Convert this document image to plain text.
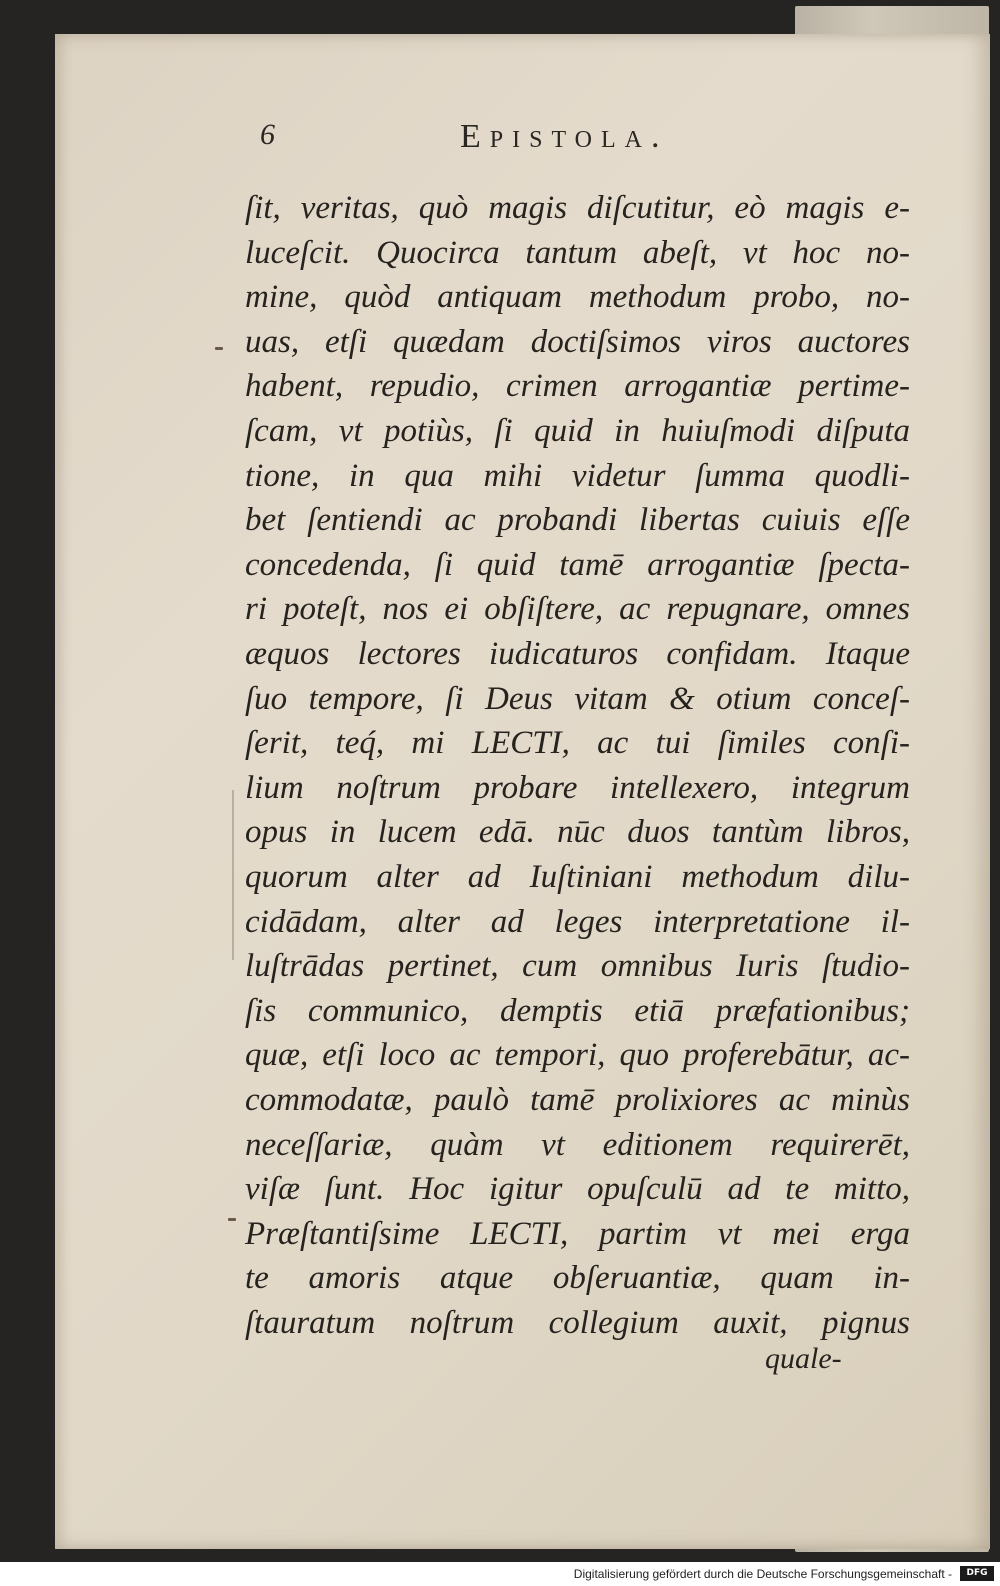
6	Epistola.
ſit, veritas, quò magis diſcutitur, eò magis e-
luceſcit. Quocirca tantum abeſt, vt hoc no-
mine, quòd antiquam methodum probo, no-
uas, etſi quædam doctiſsimos viros auctores
habent, repudio, crimen arrogantiæ pertime-
ſcam, vt potiùs, ſi quid in huiuſmodi diſputa
tione, in qua mihi videtur ſumma quodli-
bet ſentiendi ac probandi libertas cuiuis eſſe
concedenda, ſi quid tamē arrogantiæ ſpecta-
ri poteſt, nos ei obſiſtere, ac repugnare, omnes
æquos lectores iudicaturos confidam. Itaque
ſuo tempore, ſi Deus vitam & otium conceſ-
ſerit, teq́, mi LECTI, ac tui ſimiles conſi-
lium noſtrum probare intellexero, integrum
opus in lucem edā. nūc duos tantùm libros,
quorum alter ad Iuſtiniani methodum dilu-
cidādam, alter ad leges interpretatione il-
luſtrādas pertinet, cum omnibus Iuris ſtudio-
ſis communico, demptis etiā præfationibus;
quæ, etſi loco ac tempori, quo proferebātur, ac-
commodatæ, paulò tamē prolixiores ac minùs
neceſſariæ, quàm vt editionem requirerēt,
viſæ ſunt. Hoc igitur opuſculū ad te mitto,
Præſtantiſsime LECTI, partim vt mei erga
te amoris atque obſeruantiæ, quam in-
ſtauratum noſtrum collegium auxit, pignus
quale-
Digitalisierung gefördert durch die Deutsche Forschungsgemeinschaft -	DFG
